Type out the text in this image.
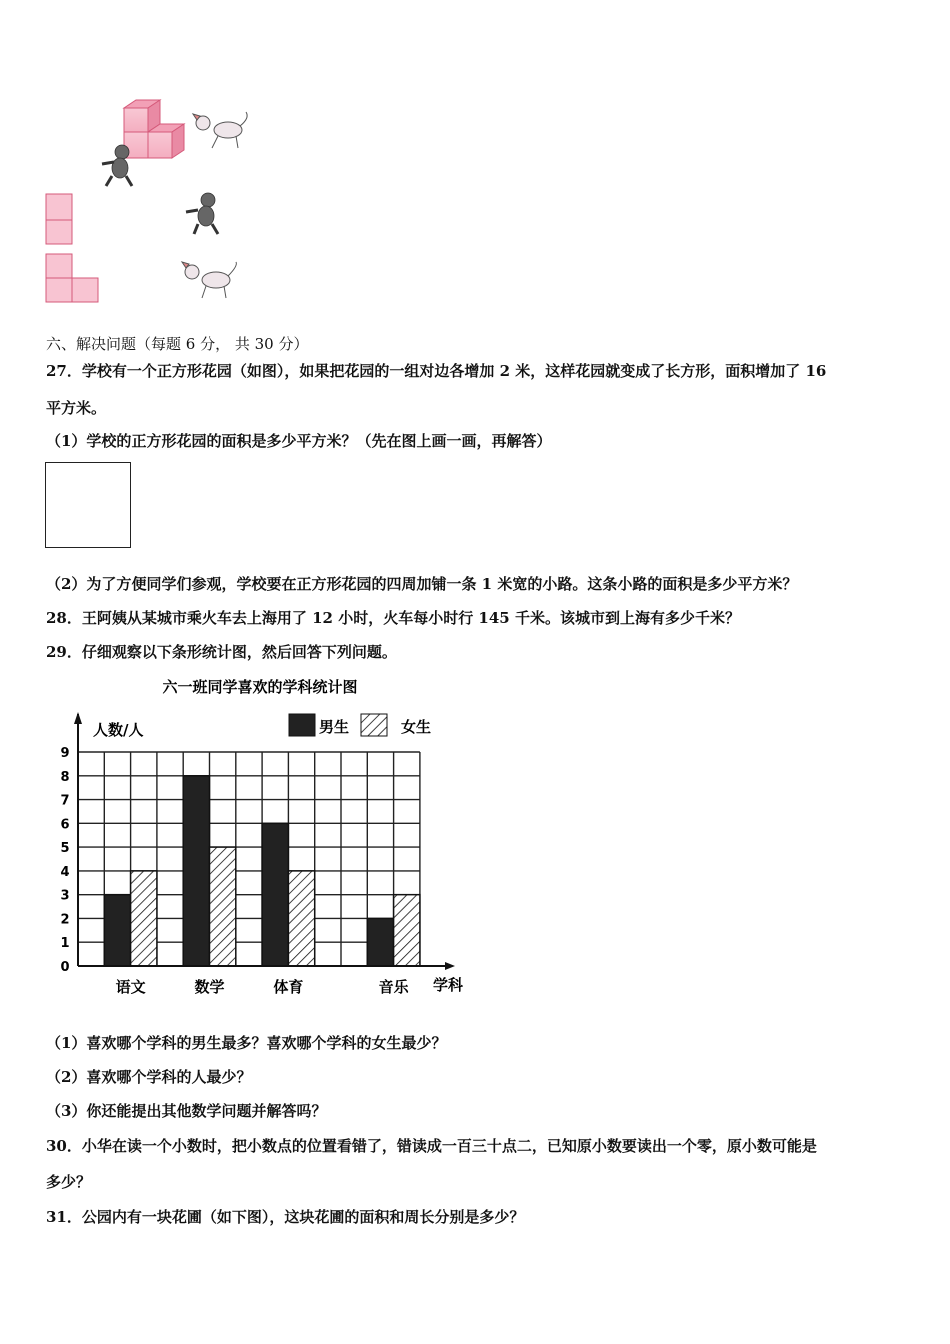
六、解决问题（每题 6 分， 共 30 分）
27．学校有一个正方形花园（如图），如果把花园的一组对边各增加 2 米，这样花园就变成了长方形，面积增加了 16
平方米。
（1）学校的正方形花园的面积是多少平方米？（先在图上画一画，再解答）
（2）为了方便同学们参观，学校要在正方形花园的四周加铺一条 1 米宽的小路。这条小路的面积是多少平方米？
28．王阿姨从某城市乘火车去上海用了 12 小时，火车每小时行 145 千米。该城市到上海有多少千米？
29．仔细观察以下条形统计图，然后回答下列问题。
六一班同学喜欢的学科统计图
人数/人
学科
男生	女生
0
1
2
3
4
5
6
7
8
9
语文	数学	体育	音乐
（1）喜欢哪个学科的男生最多？喜欢哪个学科的女生最少？
（2）喜欢哪个学科的人最少？
（3）你还能提出其他数学问题并解答吗？
30．小华在读一个小数时，把小数点的位置看错了，错读成一百三十点二，已知原小数要读出一个零，原小数可能是
多少？
31．公园内有一块花圃（如下图），这块花圃的面积和周长分别是多少？
